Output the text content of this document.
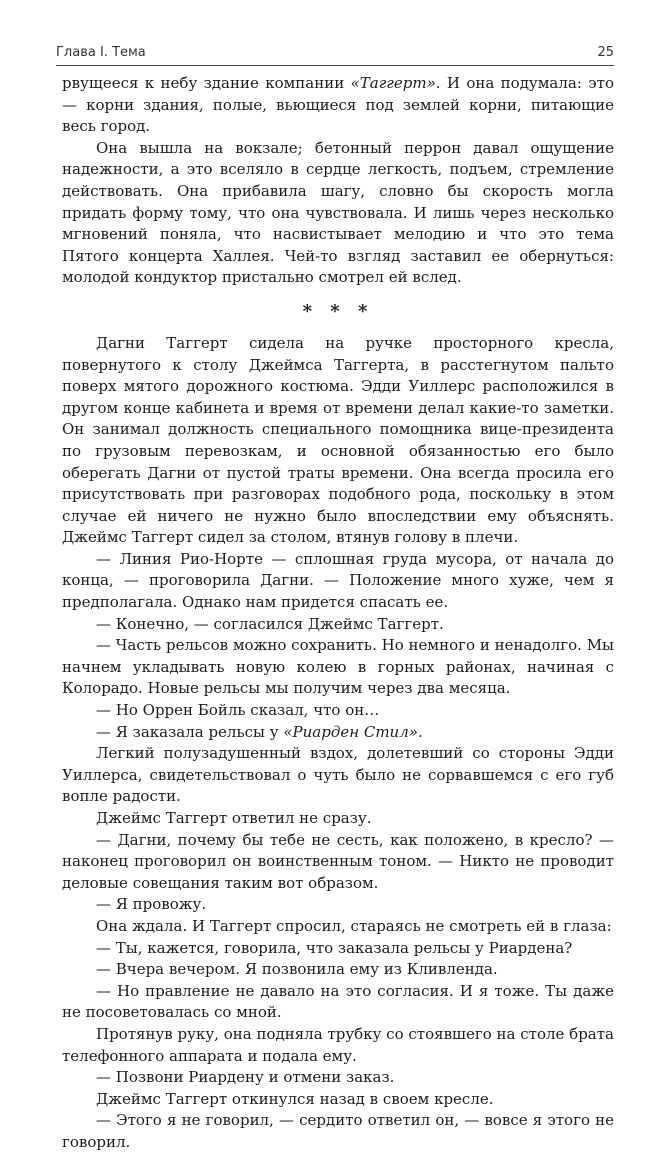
Глава I. Тема	25

рвущееся к небу здание компании «Таггерт». И она подумала: это — корни здания, полые, вьющиеся под землей корни, питающие весь город.

Она вышла на вокзале; бетонный перрон давал ощущение надежности, а это вселяло в сердце легкость, подъем, стремление действовать. Она прибавила шагу, словно бы скорость могла придать форму тому, что она чувствовала. И лишь через несколько мгновений поняла, что насвистывает мелодию и что это тема Пятого концерта Халлея. Чей-то взгляд заставил ее обернуться: молодой кондуктор пристально смотрел ей вслед.

* * *

Дагни Таггерт сидела на ручке просторного кресла, повернутого к столу Джеймса Таггерта, в расстегнутом пальто поверх мятого дорожного костюма. Эдди Уиллерс расположился в другом конце кабинета и время от времени делал какие-то заметки. Он занимал должность специального помощника вице-президента по грузовым перевозкам, и основной обязанностью его было оберегать Дагни от пустой траты времени. Она всегда просила его присутствовать при разговорах подобного рода, поскольку в этом случае ей ничего не нужно было впоследствии ему объяснять. Джеймс Таггерт сидел за столом, втянув голову в плечи.

— Линия Рио-Норте — сплошная груда мусора, от начала до конца, — проговорила Дагни. — Положение много хуже, чем я предполагала. Однако нам придется спасать ее.

— Конечно, — согласился Джеймс Таггерт.

— Часть рельсов можно сохранить. Но немного и ненадолго. Мы начнем укладывать новую колею в горных районах, начиная с Колорадо. Новые рельсы мы получим через два месяца.

— Но Оррен Бойль сказал, что он…

— Я заказала рельсы у «Риарден Стил».

Легкий полузадушенный вздох, долетевший со стороны Эдди Уиллерса, свидетельствовал о чуть было не сорвавшемся с его губ вопле радости.

Джеймс Таггерт ответил не сразу.

— Дагни, почему бы тебе не сесть, как положено, в кресло? — наконец проговорил он воинственным тоном. — Никто не проводит деловые совещания таким вот образом.

— Я провожу.

Она ждала. И Таггерт спросил, стараясь не смотреть ей в глаза:

— Ты, кажется, говорила, что заказала рельсы у Риардена?

— Вчера вечером. Я позвонила ему из Кливленда.

— Но правление не давало на это согласия. И я тоже. Ты даже не посоветовалась со мной.

Протянув руку, она подняла трубку со стоявшего на столе брата телефонного аппарата и подала ему.

— Позвони Риардену и отмени заказ.

Джеймс Таггерт откинулся назад в своем кресле.

— Этого я не говорил, — сердито ответил он, — вовсе я этого не говорил.
